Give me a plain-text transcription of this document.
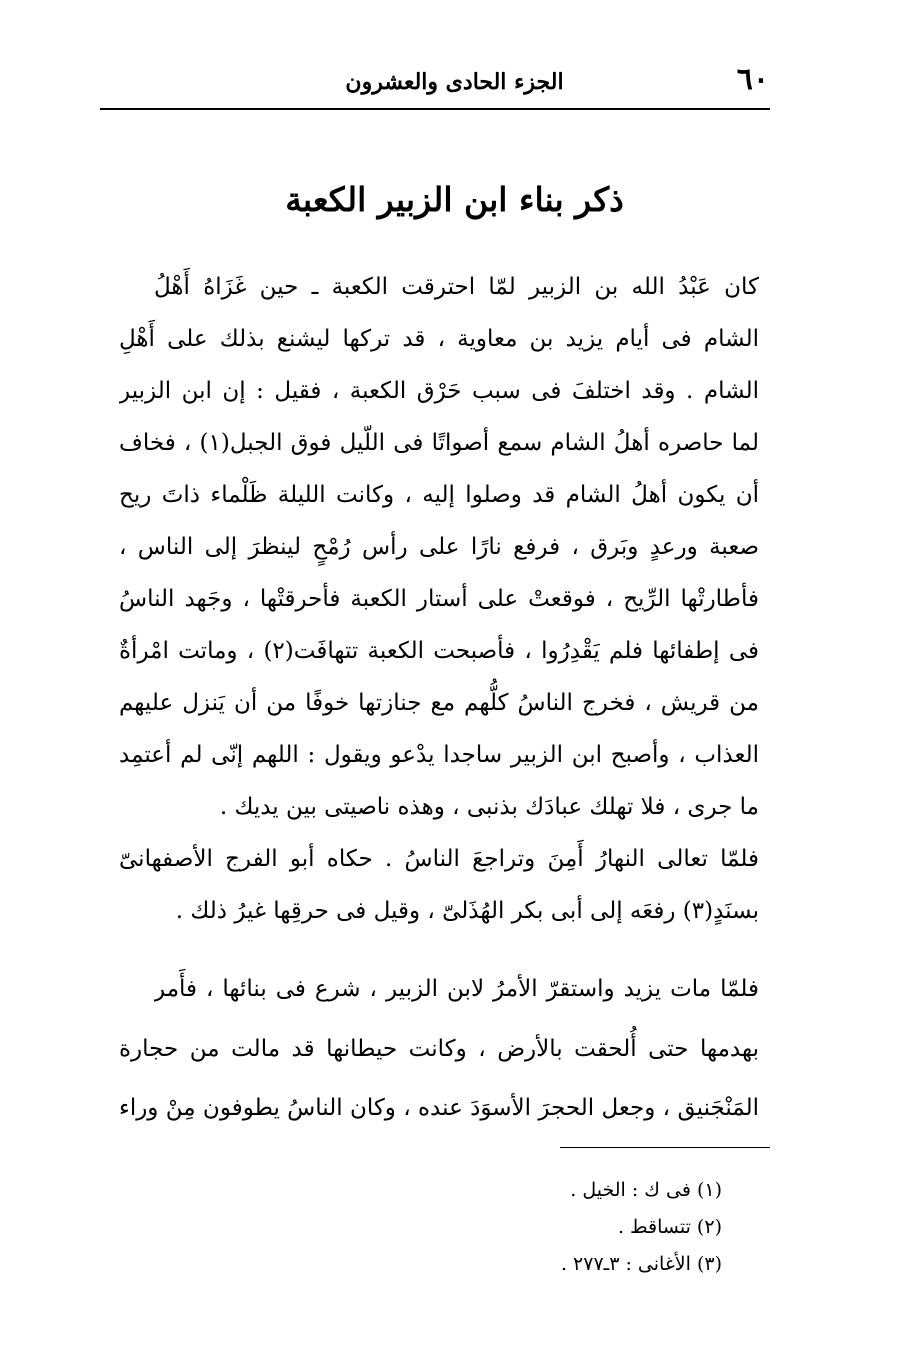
٦٠
الجزء الحادى والعشرون
ذكر بناء ابن الزبير الكعبة
كان عَبْدُ الله بن الزبير لمّا احترقت الكعبة ـ حين غَزَاهُ أَهْلُ
الشام فى أيام يزيد بن معاوية ، قد تركها ليشنع بذلك على أَهْلِ
الشام . وقد اختلفَ فى سبب حَرْق الكعبة ، فقيل : إن ابن الزبير
لما حاصره أهلُ الشام سمع أصواتًا فى اللّيل فوق الجبل(١) ، فخاف
أن يكون أهلُ الشام قد وصلوا إليه ، وكانت الليلة ظَلْماء ذاتَ ريح
صعبة ورعدٍ وبَرق ، فرفع نارًا على رأس رُمْحٍ لينظرَ إلى الناس ،
فأطارتْها الرِّيح ، فوقعتْ على أستار الكعبة فأحرقتْها ، وجَهد الناسُ
فى إطفائها فلم يَقْدِرُوا ، فأصبحت الكعبة تتهافَت(٢) ، وماتت امْرأةٌ
من قريش ، فخرج الناسُ كلُّهم مع جنازتها خوفًا من أن يَنزل عليهم
العذاب ، وأصبح ابن الزبير ساجدا يدْعو ويقول : اللهم إنّى لم أعتمِد
ما جرى ، فلا تهلك عبادَك بذنبى ، وهذه ناصيتى بين يديك .
فلمّا تعالى النهارُ أَمِنَ وتراجعَ الناسُ . حكاه أبو الفرج الأصفهانىّ
بسنَدٍ(٣) رفعَه إلى أبى بكر الهُذَلىّ ، وقيل فى حرقِها غيرُ ذلك .
فلمّا مات يزيد واستقرّ الأمرُ لابن الزبير ، شرع فى بنائها ، فأَمر
بهدمها حتى أُلحقت بالأرض ، وكانت حيطانها قد مالت من حجارة
المَنْجَنيق ، وجعل الحجرَ الأسوَدَ عنده ، وكان الناسُ يطوفون مِنْ وراء
(١) فى ك : الخيل .
(٢) تتساقط .
(٣) الأغانى : ٣ـ٢٧٧ .
